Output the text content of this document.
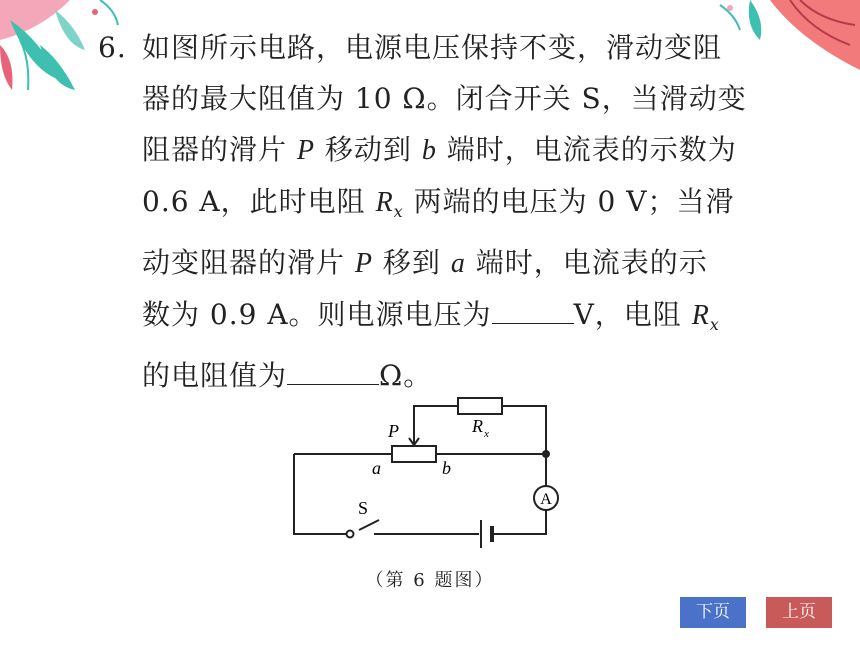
6. 如图所示电路，电源电压保持不变，滑动变阻
器的最大阻值为 10 Ω。闭合开关 S，当滑动变
阻器的滑片 P 移动到 b 端时，电流表的示数为
0.6 A，此时电阻 $R_x$ 两端的电压为 0 V；当滑
动变阻器的滑片 P 移到 a 端时，电流表的示
数为 0.9 A。则电源电压为	V，电阻 $R_x$
的电阻值为	Ω。
A
P	R x
a	b
S
（第 6 题图）
下页	上页
